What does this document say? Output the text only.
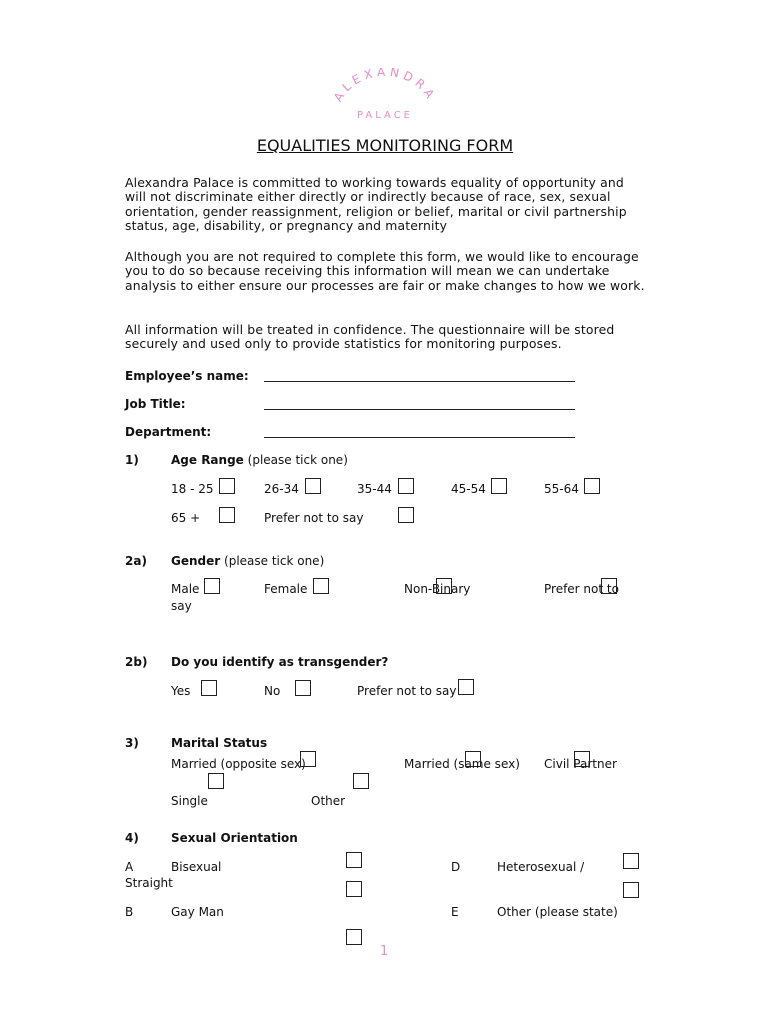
ALEXANDRA
PALACE
EQUALITIES MONITORING FORM
Alexandra Palace is committed to working towards equality of opportunity and will not discriminate either directly or indirectly because of race, sex, sexual orientation, gender reassignment, religion or belief, marital or civil partnership status, age, disability, or pregnancy and maternity
Although you are not required to complete this form, we would like to encourage you to do so because receiving this information will mean we can undertake analysis to either ensure our processes are fair or make changes to how we work.
All information will be treated in confidence. The questionnaire will be stored securely and used only to provide statistics for monitoring purposes.
Employee’s name:
Job Title:
Department:
1)	Age Range (please tick one)
18 - 25	26-34	35-44	45-54	55-64
65 +	Prefer not to say
2a) Gender (please tick one)
Male	Female	Non-Binary	Prefer not to
say
2b) Do you identify as transgender?
Yes	No	Prefer not to say
3)	Marital Status
Married (opposite sex)	Married (same sex) Civil Partner
Single	Other
4)	Sexual Orientation
A	Bisexual	D	Heterosexual /
Straight
B	Gay Man	E	Other (please state)
1
